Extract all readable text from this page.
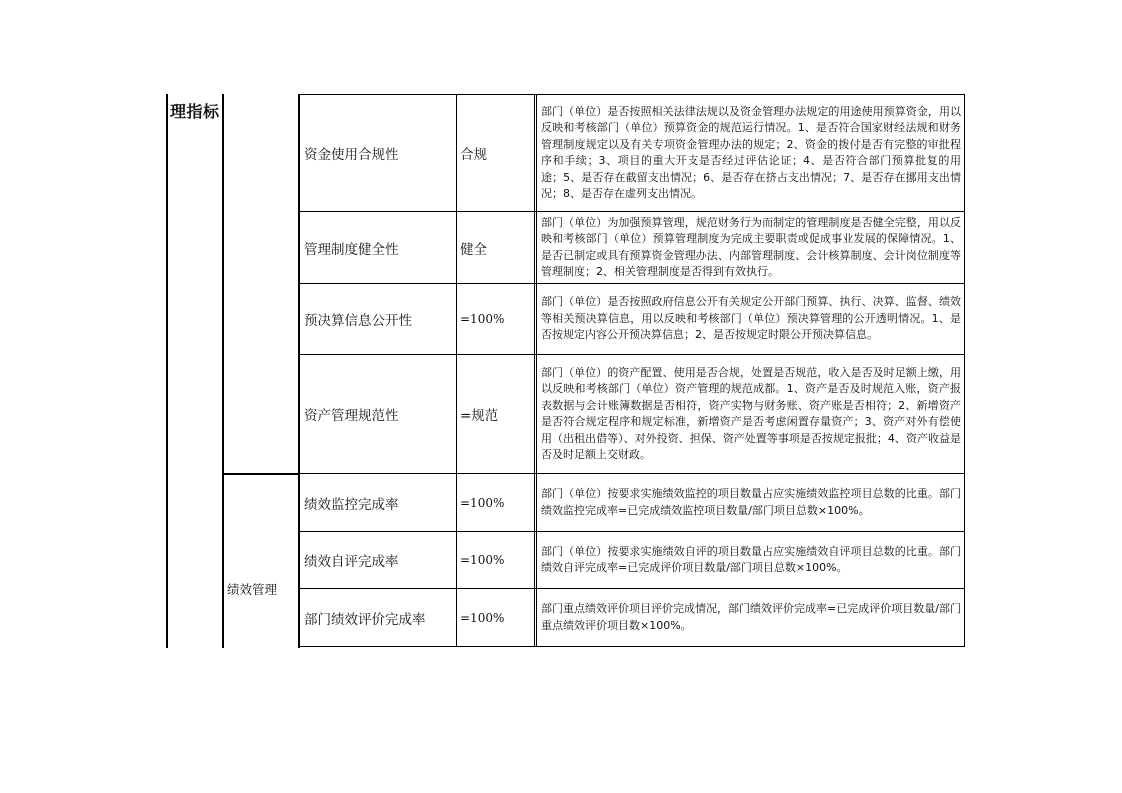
理指标
绩效管理
资金使用合规性	合规		部门（单位）是否按照相关法律法规以及资金管理办法规定的用途使用预算资金，用以反映和考核部门（单位）预算资金的规范运行情况。1、是否符合国家财经法规和财务管理制度规定以及有关专项资金管理办法的规定；2、资金的拨付是否有完整的审批程序和手续；3、项目的重大开支是否经过评估论证；4、是否符合部门预算批复的用途；5、是否存在截留支出情况；6、是否存在挤占支出情况；7、是否存在挪用支出情况；8、是否存在虚列支出情况。
管理制度健全性	健全		部门（单位）为加强预算管理，规范财务行为而制定的管理制度是否健全完整，用以反映和考核部门（单位）预算管理制度为完成主要职责或促成事业发展的保障情况。1、是否已制定或具有预算资金管理办法、内部管理制度、会计核算制度、会计岗位制度等管理制度；2、相关管理制度是否得到有效执行。
预决算信息公开性	=100%		部门（单位）是否按照政府信息公开有关规定公开部门预算、执行、决算、监督、绩效等相关预决算信息，用以反映和考核部门（单位）预决算管理的公开透明情况。1、是否按规定内容公开预决算信息；2、是否按规定时限公开预决算信息。
资产管理规范性	=规范		部门（单位）的资产配置、使用是否合规，处置是否规范，收入是否及时足额上缴，用以反映和考核部门（单位）资产管理的规范成都。1、资产是否及时规范入账，资产报表数据与会计账簿数据是否相符，资产实物与财务账、资产账是否相符；2、新增资产是否符合规定程序和规定标准，新增资产是否考虑闲置存量资产；3、资产对外有偿使用（出租出借等）、对外投资、担保、资产处置等事项是否按规定报批；4、资产收益是否及时足额上交财政。
绩效监控完成率	=100%		部门（单位）按要求实施绩效监控的项目数量占应实施绩效监控项目总数的比重。部门绩效监控完成率=已完成绩效监控项目数量/部门项目总数×100%。
绩效自评完成率	=100%		部门（单位）按要求实施绩效自评的项目数量占应实施绩效自评项目总数的比重。部门绩效自评完成率=已完成评价项目数量/部门项目总数×100%。
部门绩效评价完成率	=100%		部门重点绩效评价项目评价完成情况，部门绩效评价完成率=已完成评价项目数量/部门重点绩效评价项目数×100%。
